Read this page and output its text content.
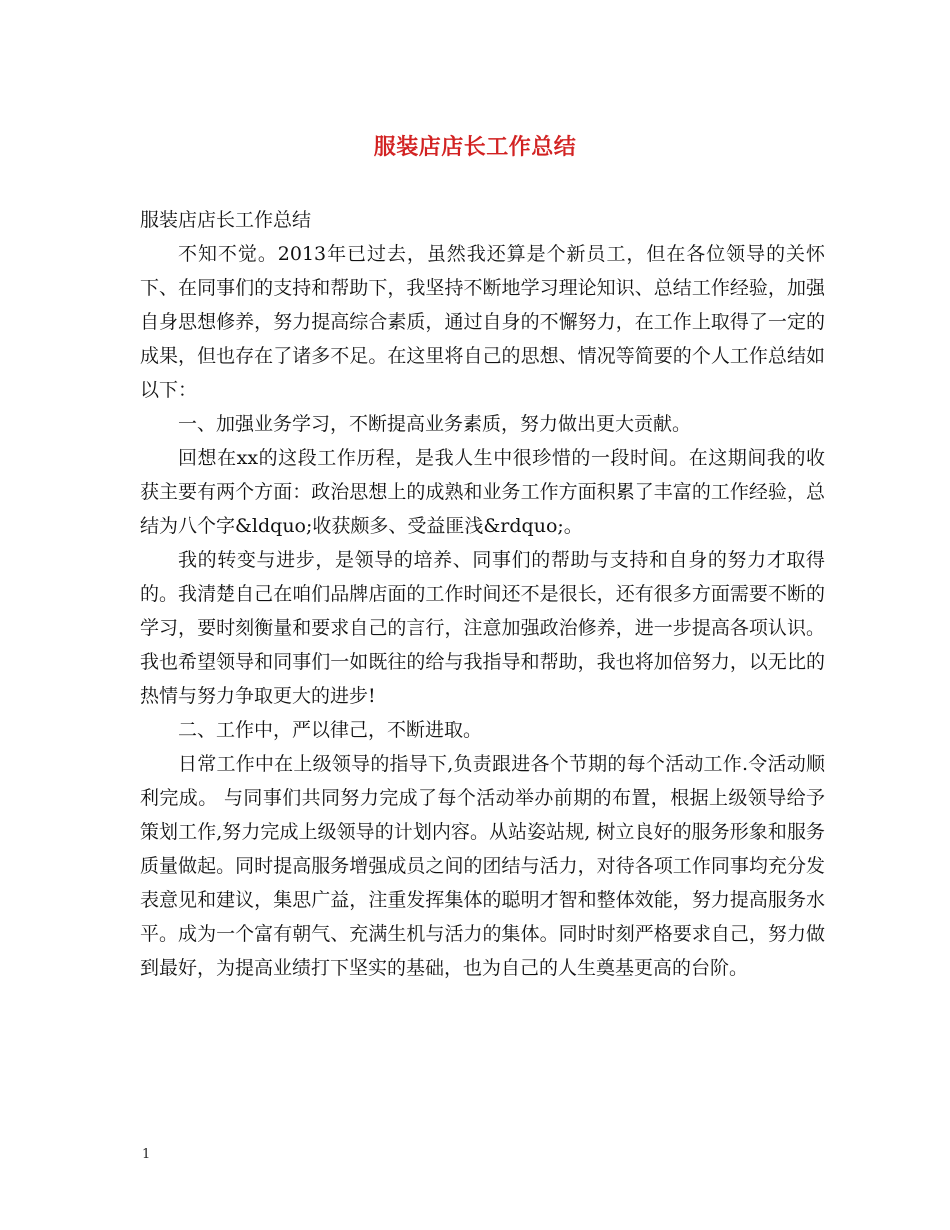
服装店店长工作总结

服装店店长工作总结

不知不觉。2013年已过去，虽然我还算是个新员工，但在各位领导的关怀下、在同事们的支持和帮助下，我坚持不断地学习理论知识、总结工作经验，加强自身思想修养，努力提高综合素质，通过自身的不懈努力，在工作上取得了一定的成果，但也存在了诸多不足。在这里将自己的思想、情况等简要的个人工作总结如以下：

一、加强业务学习，不断提高业务素质，努力做出更大贡献。

回想在xx的这段工作历程，是我人生中很珍惜的一段时间。在这期间我的收获主要有两个方面：政治思想上的成熟和业务工作方面积累了丰富的工作经验，总结为八个字&ldquo;收获颇多、受益匪浅&rdquo;。

我的转变与进步，是领导的培养、同事们的帮助与支持和自身的努力才取得的。我清楚自己在咱们品牌店面的工作时间还不是很长，还有很多方面需要不断的学习，要时刻衡量和要求自己的言行，注意加强政治修养，进一步提高各项认识。我也希望领导和同事们一如既往的给与我指导和帮助，我也将加倍努力，以无比的热情与努力争取更大的进步!

二、工作中，严以律己，不断进取。

日常工作中在上级领导的指导下,负责跟进各个节期的每个活动工作.令活动顺利完成。 与同事们共同努力完成了每个活动举办前期的布置，根据上级领导给予策划工作,努力完成上级领导的计划内容。从站姿站规, 树立良好的服务形象和服务质量做起。同时提高服务增强成员之间的团结与活力，对待各项工作同事均充分发表意见和建议，集思广益，注重发挥集体的聪明才智和整体效能，努力提高服务水平。成为一个富有朝气、充满生机与活力的集体。同时时刻严格要求自己，努力做到最好，为提高业绩打下坚实的基础，也为自己的人生奠基更高的台阶。

1
